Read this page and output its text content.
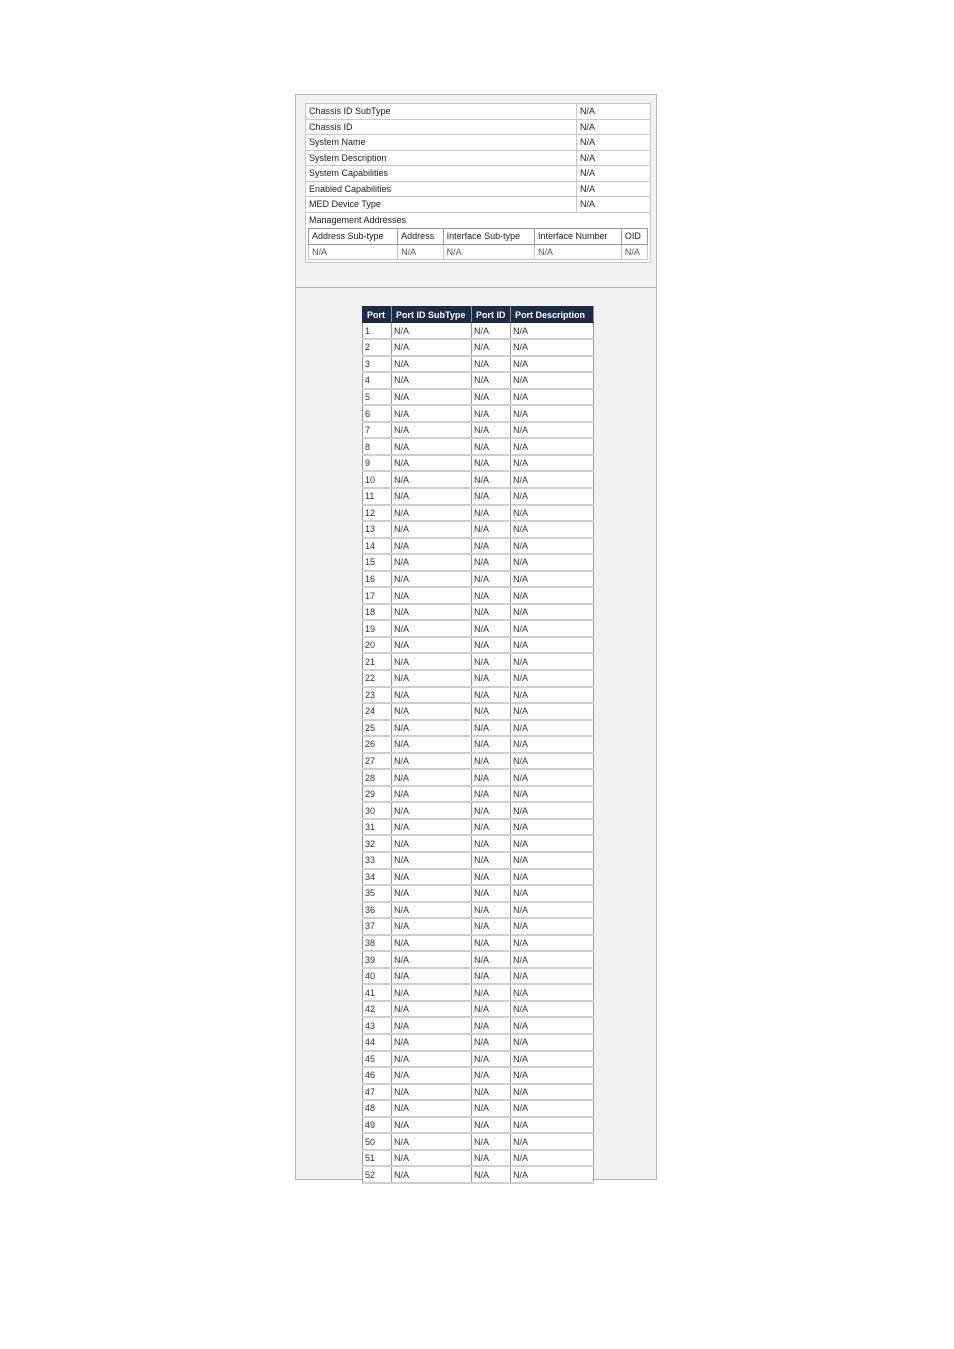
Chassis ID SubType	N/A
Chassis ID	N/A
System Name	N/A
System Description	N/A
System Capabilities	N/A
Enabled Capabilities	N/A
MED Device Type	N/A

Management Addresses
Address Sub-type	Address	Interface Sub-type	Interface Number	OID
N/A	N/A	N/A	N/A	N/A
Port	Port ID SubType	Port ID	Port Description
1	N/A	N/A	N/A
2	N/A	N/A	N/A
3	N/A	N/A	N/A
4	N/A	N/A	N/A
5	N/A	N/A	N/A
6	N/A	N/A	N/A
7	N/A	N/A	N/A
8	N/A	N/A	N/A
9	N/A	N/A	N/A
10	N/A	N/A	N/A
11	N/A	N/A	N/A
12	N/A	N/A	N/A
13	N/A	N/A	N/A
14	N/A	N/A	N/A
15	N/A	N/A	N/A
16	N/A	N/A	N/A
17	N/A	N/A	N/A
18	N/A	N/A	N/A
19	N/A	N/A	N/A
20	N/A	N/A	N/A
21	N/A	N/A	N/A
22	N/A	N/A	N/A
23	N/A	N/A	N/A
24	N/A	N/A	N/A
25	N/A	N/A	N/A
26	N/A	N/A	N/A
27	N/A	N/A	N/A
28	N/A	N/A	N/A
29	N/A	N/A	N/A
30	N/A	N/A	N/A
31	N/A	N/A	N/A
32	N/A	N/A	N/A
33	N/A	N/A	N/A
34	N/A	N/A	N/A
35	N/A	N/A	N/A
36	N/A	N/A	N/A
37	N/A	N/A	N/A
38	N/A	N/A	N/A
39	N/A	N/A	N/A
40	N/A	N/A	N/A
41	N/A	N/A	N/A
42	N/A	N/A	N/A
43	N/A	N/A	N/A
44	N/A	N/A	N/A
45	N/A	N/A	N/A
46	N/A	N/A	N/A
47	N/A	N/A	N/A
48	N/A	N/A	N/A
49	N/A	N/A	N/A
50	N/A	N/A	N/A
51	N/A	N/A	N/A
52	N/A	N/A	N/A
